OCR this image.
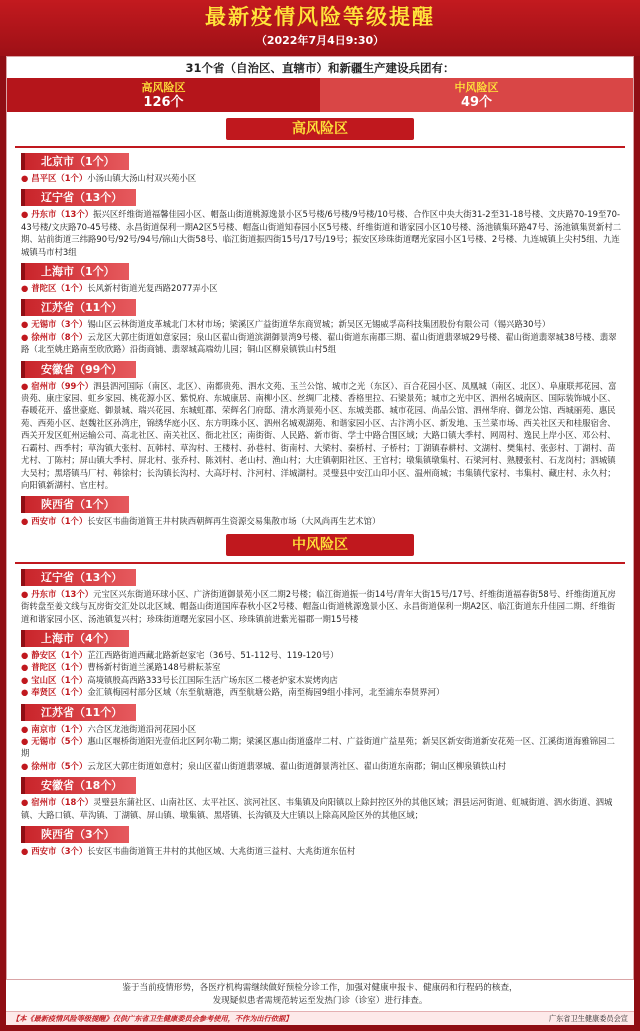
最新疫情风险等级提醒
（2022年7月4日9:30）
31个省（自治区、直辖市）和新疆生产建设兵团有：
高风险区
126个
中风险区
49个
高风险区
北京市（1个）
● 昌平区（1个）小汤山镇大汤山村双兴苑小区
辽宁省（13个）
● 丹东市（13个）振兴区纤维街道福馨佳园小区、帽盔山街道桃源逸景小区5号楼/6号楼/9号楼/10号楼、合作区中央大街31-2至31-18号楼、文庆路70-19至70-43号楼/文庆路70-45号楼、永昌街道保利一期A2区5号楼、帽盔山街道知春园小区5号楼、纤维街道和谐家园小区10号楼、汤池镇集环路47号、汤池镇集贤新村二期、站前街道三纬路90号/92号/94号/锦山大街58号、临江街道振四街15号/17号/19号；振安区珍珠街道曙光家园小区1号楼、2号楼、九连城镇上尖村5组、九连城镇马市村3组
上海市（1个）
● 普陀区（1个）长风新村街道光复西路2077弄小区
江苏省（11个）
● 无锡市（3个）锡山区云林街道皮革城北门木材市场；梁溪区广益街道华东商贸城；新吴区无锡威孚高科技集团股份有限公司（锡兴路30号）
● 徐州市（8个）云龙区大郭庄街道如意家园；泉山区翟山街道滨湖御景湾9号楼、翟山街道东南郡三期、翟山街道翡翠城29号楼、翟山街道翡翠城38号楼、翡翠路（北至姚庄路南至欣欣路）沿街商铺、翡翠城高端幼儿园；铜山区柳泉镇铁山村5组
安徽省（99个）
● 宿州市（99个）泗县泗河国际（南区、北区）、南都贵苑、泗水文苑、玉兰公馆、城市之光（东区）、百合花园小区、凤凰城（南区、北区）、阜康联邦花园、富贵苑、康庄家园、虹乡家园、桃花源小区、紫悦府、东城康居、南柳小区、丝绸厂北楼、香格里拉、石梁景苑；城市之光中区、泗州名城南区、国际装饰城小区、春暖花开、盛世豪庭、御景城、瑞兴花园、东城虹郡、荣辉名门府邸、清水湾景苑小区、东城美郡、城市花园、尚品公馆、泗州华府、御龙公馆、西城丽苑、惠民苑、西苑小区、赵魏社区孙湾庄，锦绣华庭小区、东方明珠小区、泗州名城观湖苑、和谐家园小区、古汴湾小区、新发地、玉兰菜市场、西关社区天和桂服宿舍、西关开发区虹州运输公司、高北社区、南关社区、衙北社区；南街街、人民路、新市街、学士中路合围区域；大路口镇大季村、网周村、逸民上岸小区、邓公村、石霸村、西季村；草沟镇大张村、瓦韩村、草沟村、王楼村、孙巷村、街南村、大梁村、秦桥村、子桥村；丁湖镇春耕村、文湖村、樊集村、张彭村、丁湖村、苗尤村、丁陈村；屏山镇大季村、屏北村、张乔村、陈刘村、老山村、渔山村；大庄镇朝阳社区、王官村；墩集镇墩集村、石梁河村、熟腰张村、石龙岗村；泗城镇大吴村；黑塔镇马厂村、韩徐村；长沟镇长沟村、大高圩村、汴河村、洋城湖村。灵璧县中安江山印小区、温州商城；韦集镇代家村、韦集村、藏庄村、永久村；向阳镇新湖村、官庄村。
陕西省（1个）
● 西安市（1个）长安区韦曲街道简王井村陕西朝辉再生资源交易集散市场（大风尚再生艺术馆）
中风险区
辽宁省（13个）
● 丹东市（13个）元宝区兴东街道环球小区、广济街道御景苑小区二期2号楼；临江街道振一街14号/青年大街15号/17号、纤维街道福春街58号、纤维街道瓦房街转盘至姜文线与瓦房街交汇处以北区域、帽盔山街道国库春秋小区2号楼、帽盔山街道桃源逸景小区、永昌街道保利一期A2区、临江街道东升佳园二期、纤维街道和谐家园小区、汤池镇复兴村；珍珠街道曙光家园小区、珍珠镇前进紫光福郡一期15号楼
上海市（4个）
● 静安区（1个）芷江西路街道西藏北路新赵家宅（36号、51-112号、119-120号）
● 普陀区（1个）曹杨新村街道兰溪路148号耕耘茶室
● 宝山区（1个）高境镇殷高西路333号长江国际生活广场东区二楼老炉家木炭烤肉店
● 奉贤区（1个）金汇镇梅园村部分区域（东至航塘港，西至航塘公路，南至梅园9组小排河，北至浦东奉贤界河）
江苏省（11个）
● 南京市（1个）六合区龙池街道沿河花园小区
● 无锡市（5个）惠山区堰桥街道阳光壹佰北区阿尔勒二期；梁溪区惠山街道盛岸二村、广益街道广益星苑；新吴区新安街道新安花苑一区、江溪街道海雅锦园二期
● 徐州市（5个）云龙区大郭庄街道如意村；泉山区翟山街道翡翠城、翟山街道御景湾社区、翟山街道东南郡；铜山区柳泉镇铁山村
安徽省（18个）
● 宿州市（18个）灵璧县东蒲社区、山南社区、太平社区、滨河社区、韦集镇及向阳镇以上除封控区外的其他区域；泗县运河街道、虹城街道、泗水街道、泗城镇、大路口镇、草沟镇、丁湖镇、屏山镇、墩集镇、黑塔镇、长沟镇及大庄镇以上除高风险区外的其他区域；
陕西省（3个）
● 西安市（3个）长安区韦曲街道简王井村的其他区域、大兆街道三益村、大兆街道东伍村
鉴于当前疫情形势，各医疗机构需继续做好预检分诊工作，加强对健康申报卡、健康码和行程码的核查，
发现疑似患者需规范转运至发热门诊（诊室）进行排查。
【本《最新疫情风险等级提醒》仅供广东省卫生健康委员会参考使用，不作为出行依据】	广东省卫生健康委员会宣
